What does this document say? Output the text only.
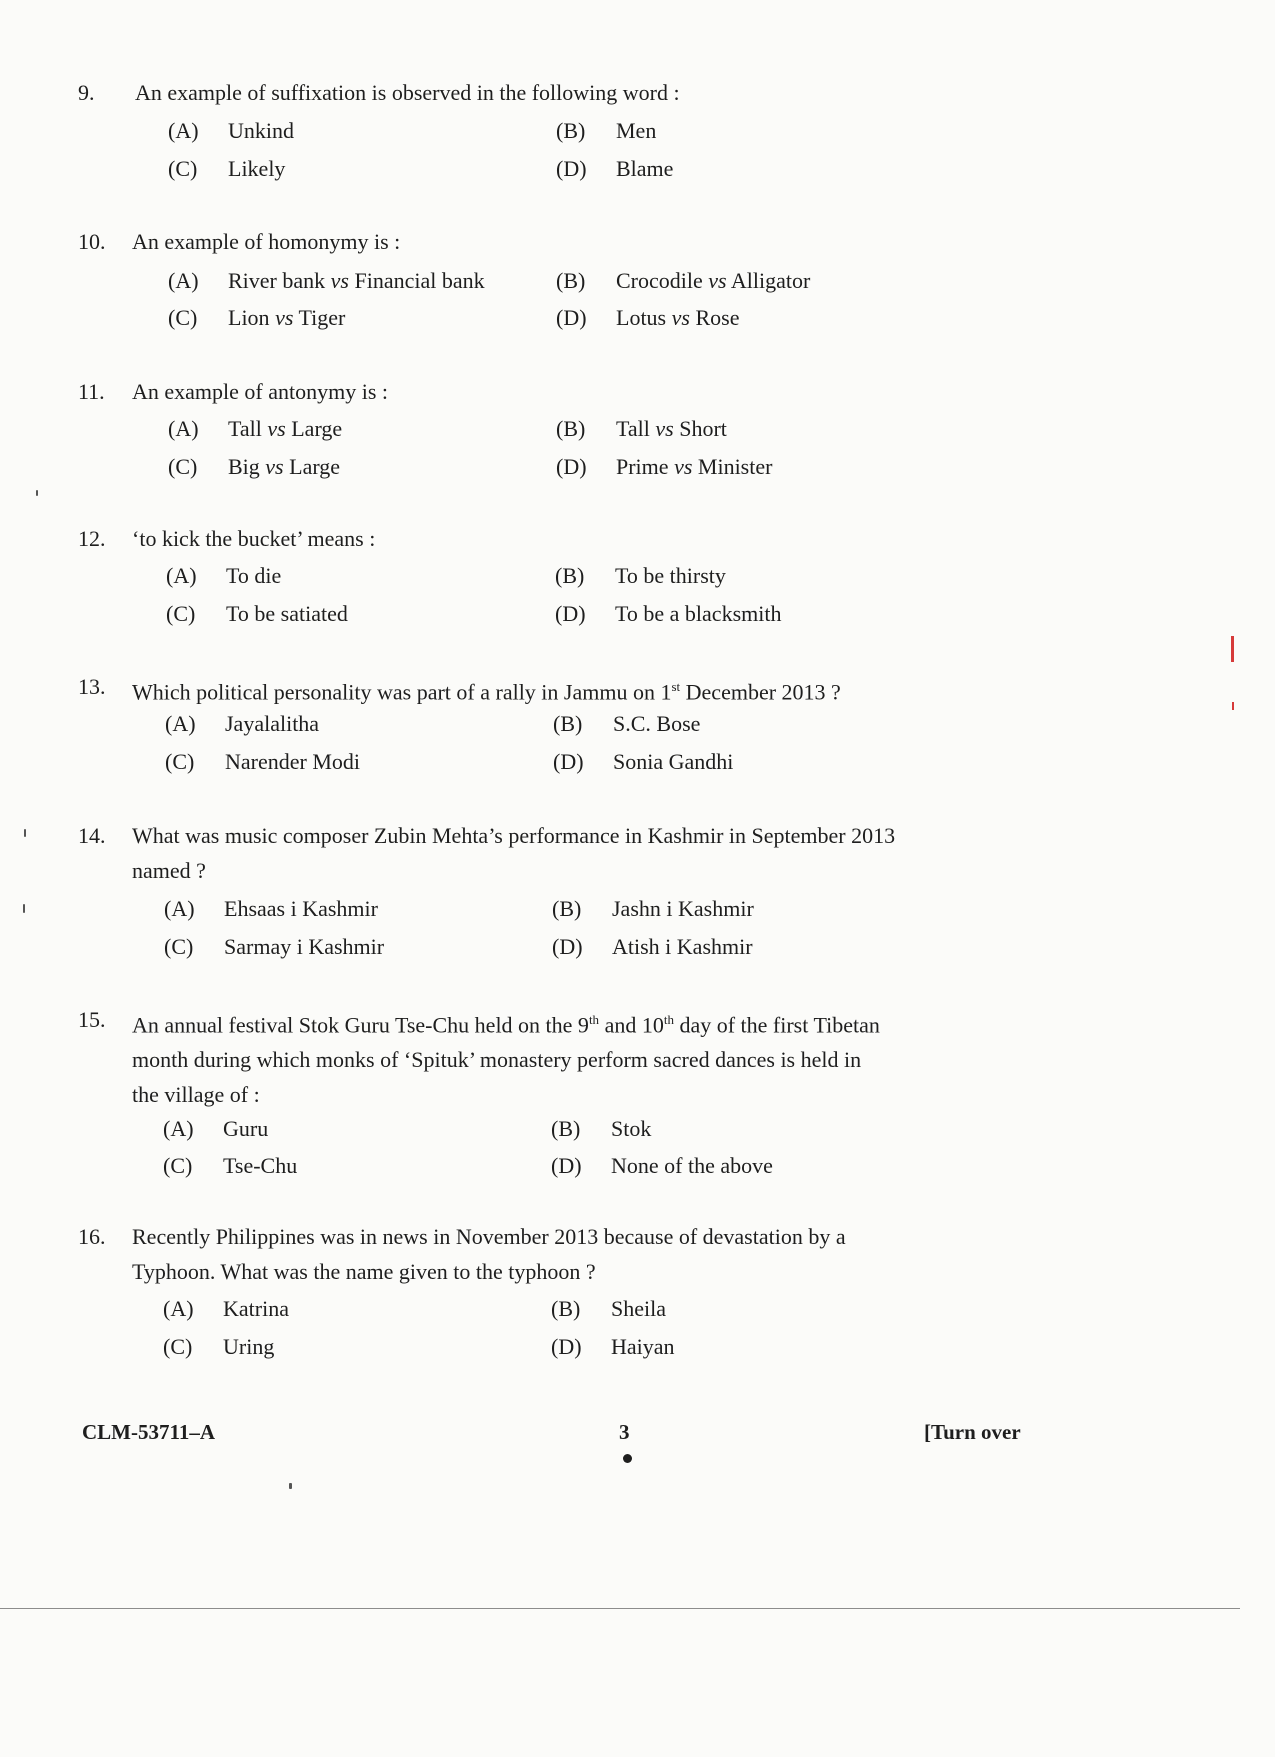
9.	An example of suffixation is observed in the following word :
(A)	Unkind	(B)	Men
(C)	Likely	(D)	Blame
10.	An example of homonymy is :
(A)	River bank vs Financial bank	(B)	Crocodile vs Alligator
(C)	Lion vs Tiger	(D)	Lotus vs Rose
11.	An example of antonymy is :
(A)	Tall vs Large	(B)	Tall vs Short
(C)	Big vs Large	(D)	Prime vs Minister
12.	‘to kick the bucket’ means :
(A)	To die	(B)	To be thirsty
(C)	To be satiated	(D)	To be a blacksmith
13.	Which political personality was part of a rally in Jammu on 1st December 2013 ?
(A)	Jayalalitha	(B)	S.C. Bose
(C)	Narender Modi	(D)	Sonia Gandhi
14.	What was music composer Zubin Mehta’s performance in Kashmir in September 2013
named ?
(A)	Ehsaas i Kashmir	(B)	Jashn i Kashmir
(C)	Sarmay i Kashmir	(D)	Atish i Kashmir
15.	An annual festival Stok Guru Tse-Chu held on the 9th and 10th day of the first Tibetan
month during which monks of ‘Spituk’ monastery perform sacred dances is held in
the village of :
(A)	Guru	(B)	Stok
(C)	Tse-Chu	(D)	None of the above
16.	Recently Philippines was in news in November 2013 because of devastation by a
Typhoon. What was the name given to the typhoon ?
(A)	Katrina	(B)	Sheila
(C)	Uring	(D)	Haiyan
CLM-53711–A	3	[Turn over
